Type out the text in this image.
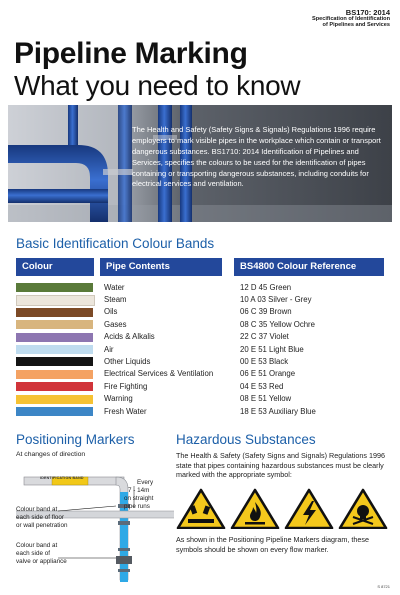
BS170: 2014
Specification of Identification
of Pipelines and Services
Pipeline Marking
What you need to know
The Health and Safety (Safety Signs & Signals) Regulations 1996 require employers to mark visible pipes in the workplace which contain or transport dangerous substances. BS1710: 2014 Identification of Pipelines and Services, specifies the colours to be used for the identification of pipes containing or transporting dangerous substances, including conduits for electrical services and ventilation.
Basic Identification Colour Bands
Colour	Pipe Contents	BS4800 Colour Reference
Water	12 D 45 Green
Steam	10 A 03 Silver - Grey
Oils	06 C 39 Brown
Gases	08 C 35 Yellow Ochre
Acids & Alkalis	22 C 37 Violet
Air	20 E 51 Light Blue
Other Liquids	00 E 53 Black
Electrical Services & Ventilation	06 E 51 Orange
Fire Fighting	04 E 53 Red
Warning	08 E 51 Yellow
Fresh Water	18 E 53 Auxiliary Blue
Positioning Markers
At changes of direction
IDENTIFICATION BAND
Every
7 - 14m
on straight
pipe runs
Colour band at
each side of floor
or wall penetration
Colour band at
each side of
valve or appliance
Hazardous Substances
The Health & Safety (Safety Signs and Signals) Regulations 1996 state that pipes containing hazardous substances must be clearly marked with the appropriate symbol:
As shown in the Positioning Pipeline Markers diagram, these symbols should be shown on every flow marker.
S 8721
